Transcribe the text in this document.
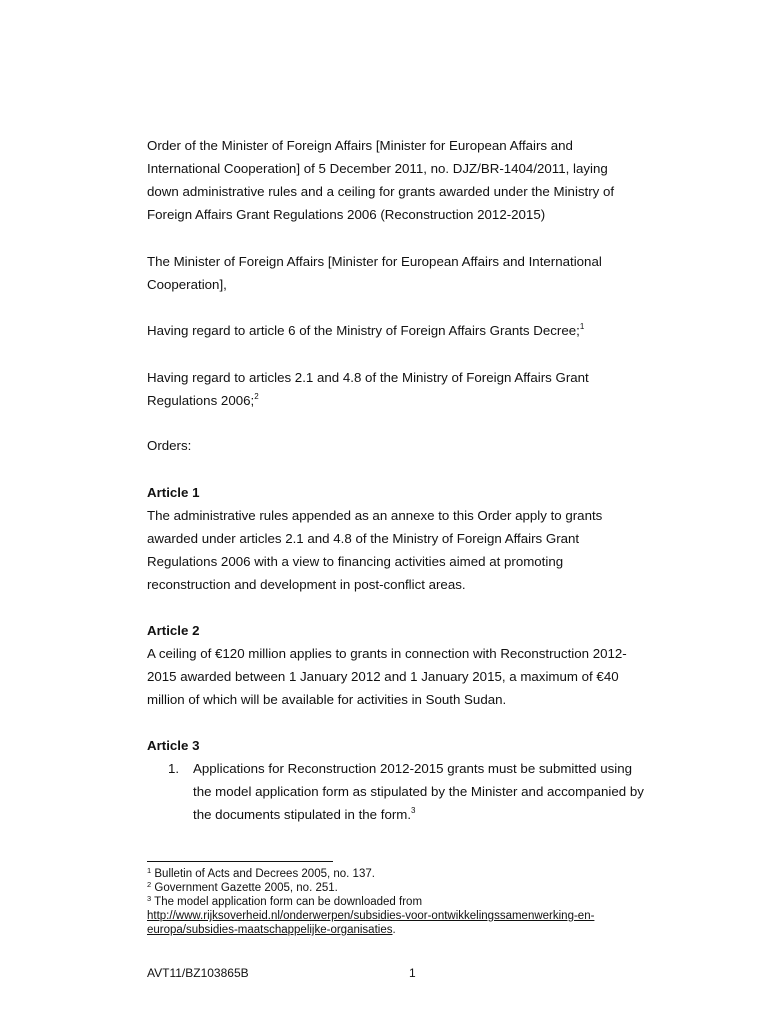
Order of the Minister of Foreign Affairs [Minister for European Affairs and
International Cooperation] of 5 December 2011, no. DJZ/BR-1404/2011, laying
down administrative rules and a ceiling for grants awarded under the Ministry of
Foreign Affairs Grant Regulations 2006 (Reconstruction 2012-2015)
The Minister of Foreign Affairs [Minister for European Affairs and International
Cooperation],
Having regard to article 6 of the Ministry of Foreign Affairs Grants Decree;$^1$
Having regard to articles 2.1 and 4.8 of the Ministry of Foreign Affairs Grant
Regulations 2006;$^2$
Orders:
Article 1
The administrative rules appended as an annexe to this Order apply to grants
awarded under articles 2.1 and 4.8 of the Ministry of Foreign Affairs Grant
Regulations 2006 with a view to financing activities aimed at promoting
reconstruction and development in post-conflict areas.
Article 2
A ceiling of €120 million applies to grants in connection with Reconstruction 2012-
2015 awarded between 1 January 2012 and 1 January 2015, a maximum of €40
million of which will be available for activities in South Sudan.
Article 3
1. Applications for Reconstruction 2012-2015 grants must be submitted using
the model application form as stipulated by the Minister and accompanied by
the documents stipulated in the form.$^3$
$^1$ Bulletin of Acts and Decrees 2005, no. 137.
$^2$ Government Gazette 2005, no. 251.
$^3$ The model application form can be downloaded from
http://www.rijksoverheid.nl/onderwerpen/subsidies-voor-ontwikkelingssamenwerking-en-
europa/subsidies-maatschappelijke-organisaties.
AVT11/BZ103865B	1
